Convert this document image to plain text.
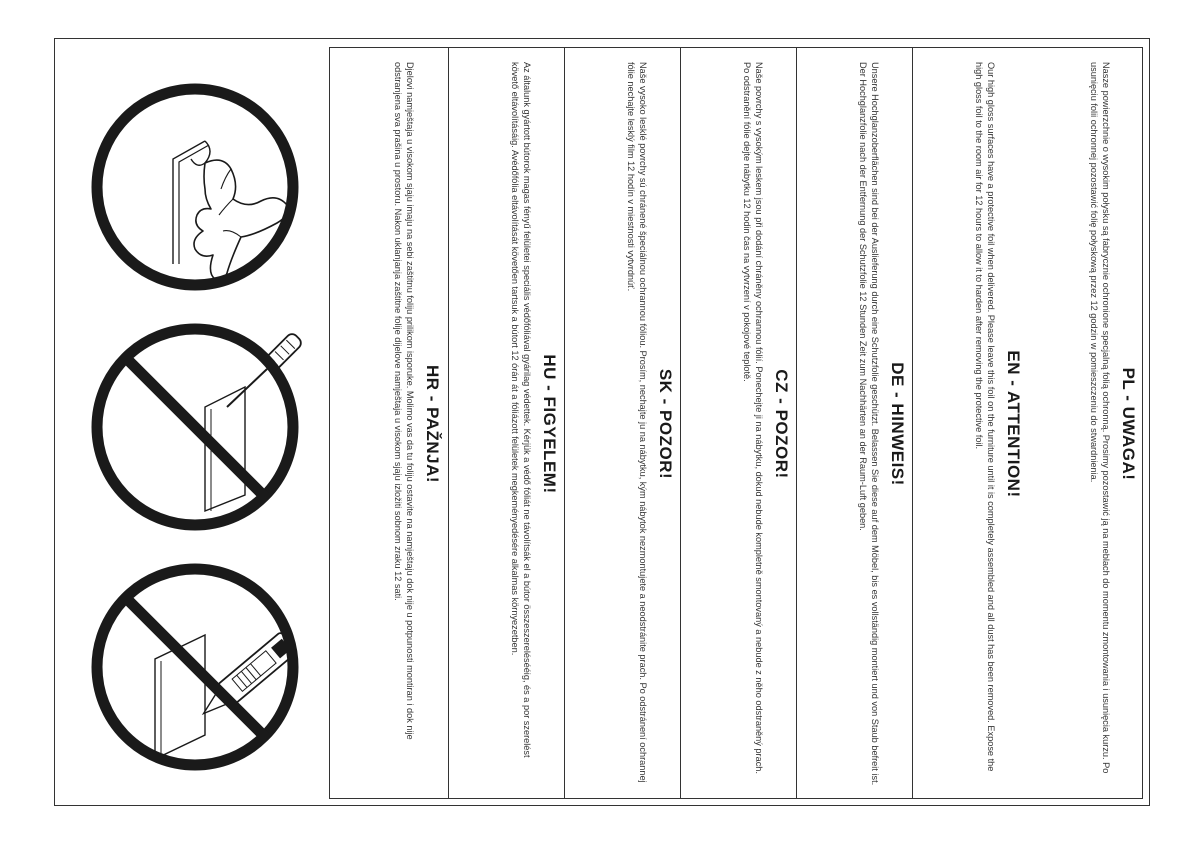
PL - UWAGA!

Nasze powierzchnie o wysokim połysku są fabrycznie ochronione specjalną folią ochronną. Prosimy pozostawić ją na meblach do momentu zmontowania i usunięcia kurzu. Po usunięciu folii ochronnej pozostawić folię połyskową przez 12 godzin w pomieszczeniu do stwardnienia.

EN - ATTENTION!

Our high gloss surfaces have a protective foil when delivered. Please leave this foil on the furniture until it is completely assembled and all dust has been removed. Expose the high gloss foil to the room air for 12 hours to allow it to harden after removing the protective foil.

DE - HINWEIS!

Unsere Hochglanzoberflächen sind bei der Auslieferung durch eine Schutzfolie geschützt. Belassen Sie diese auf dem Möbel, bis es vollständig montiert und von Staub befreit ist. Der Hochglanzfolie nach der Entfernung der Schutzfolie 12 Stunden Zeit zum Nachhärten an der Raum-Luft geben.

CZ - POZOR!

Naše povrchy s vysokým leskem jsou při dodání chráněny ochrannou fólií. Ponechejte ji na nábytku, dokud nebude kompletně smontovaný a nebude z něho odstraněný prach. Po odstranění fólie dejte nábytku 12 hodin čas na vytvrzení v pokojové teplotě.

SK - POZOR!

Naše vysoko lesklé povrchy sú chránené špeciálnou ochrannou fóliou. Prosím, nechajte ju na nábytku, kým nábytok nezmontujete a neodstránite prach. Po odstránení ochrannej fólie nechajte lesklý film 12 hodín v miestnosti vytvrdnúť.

HU - FIGYELEM!

Az általunk gyártott bútorok magas fényű felületei speciális védőfóliával gyárilag védettek. Kérjük a védő fóliát ne távolítsák el a bútor összeszerelésééig, és a por szerelést követő eltávolításáig. Avédőfólia eltávolítását követően tartsuk a bútort 12 órán át a fóliázott felületek megkeményedésére alkalmas környezetben.

HR - PAŽNJA!

Djelovi namještaja u visokom sjaju imaju na sebi zaštitnu foliju prilikom isporuke. Molimo vas da tu foliju ostavite na namještaju dok nije u potpunosti montiran i dok nije odstranjena sva prašina u prostoru. Nakon uklanjanja zaštitne folije dijelove namještaja u visokom sjaju izložiti sobnom zraku 12 sati.
